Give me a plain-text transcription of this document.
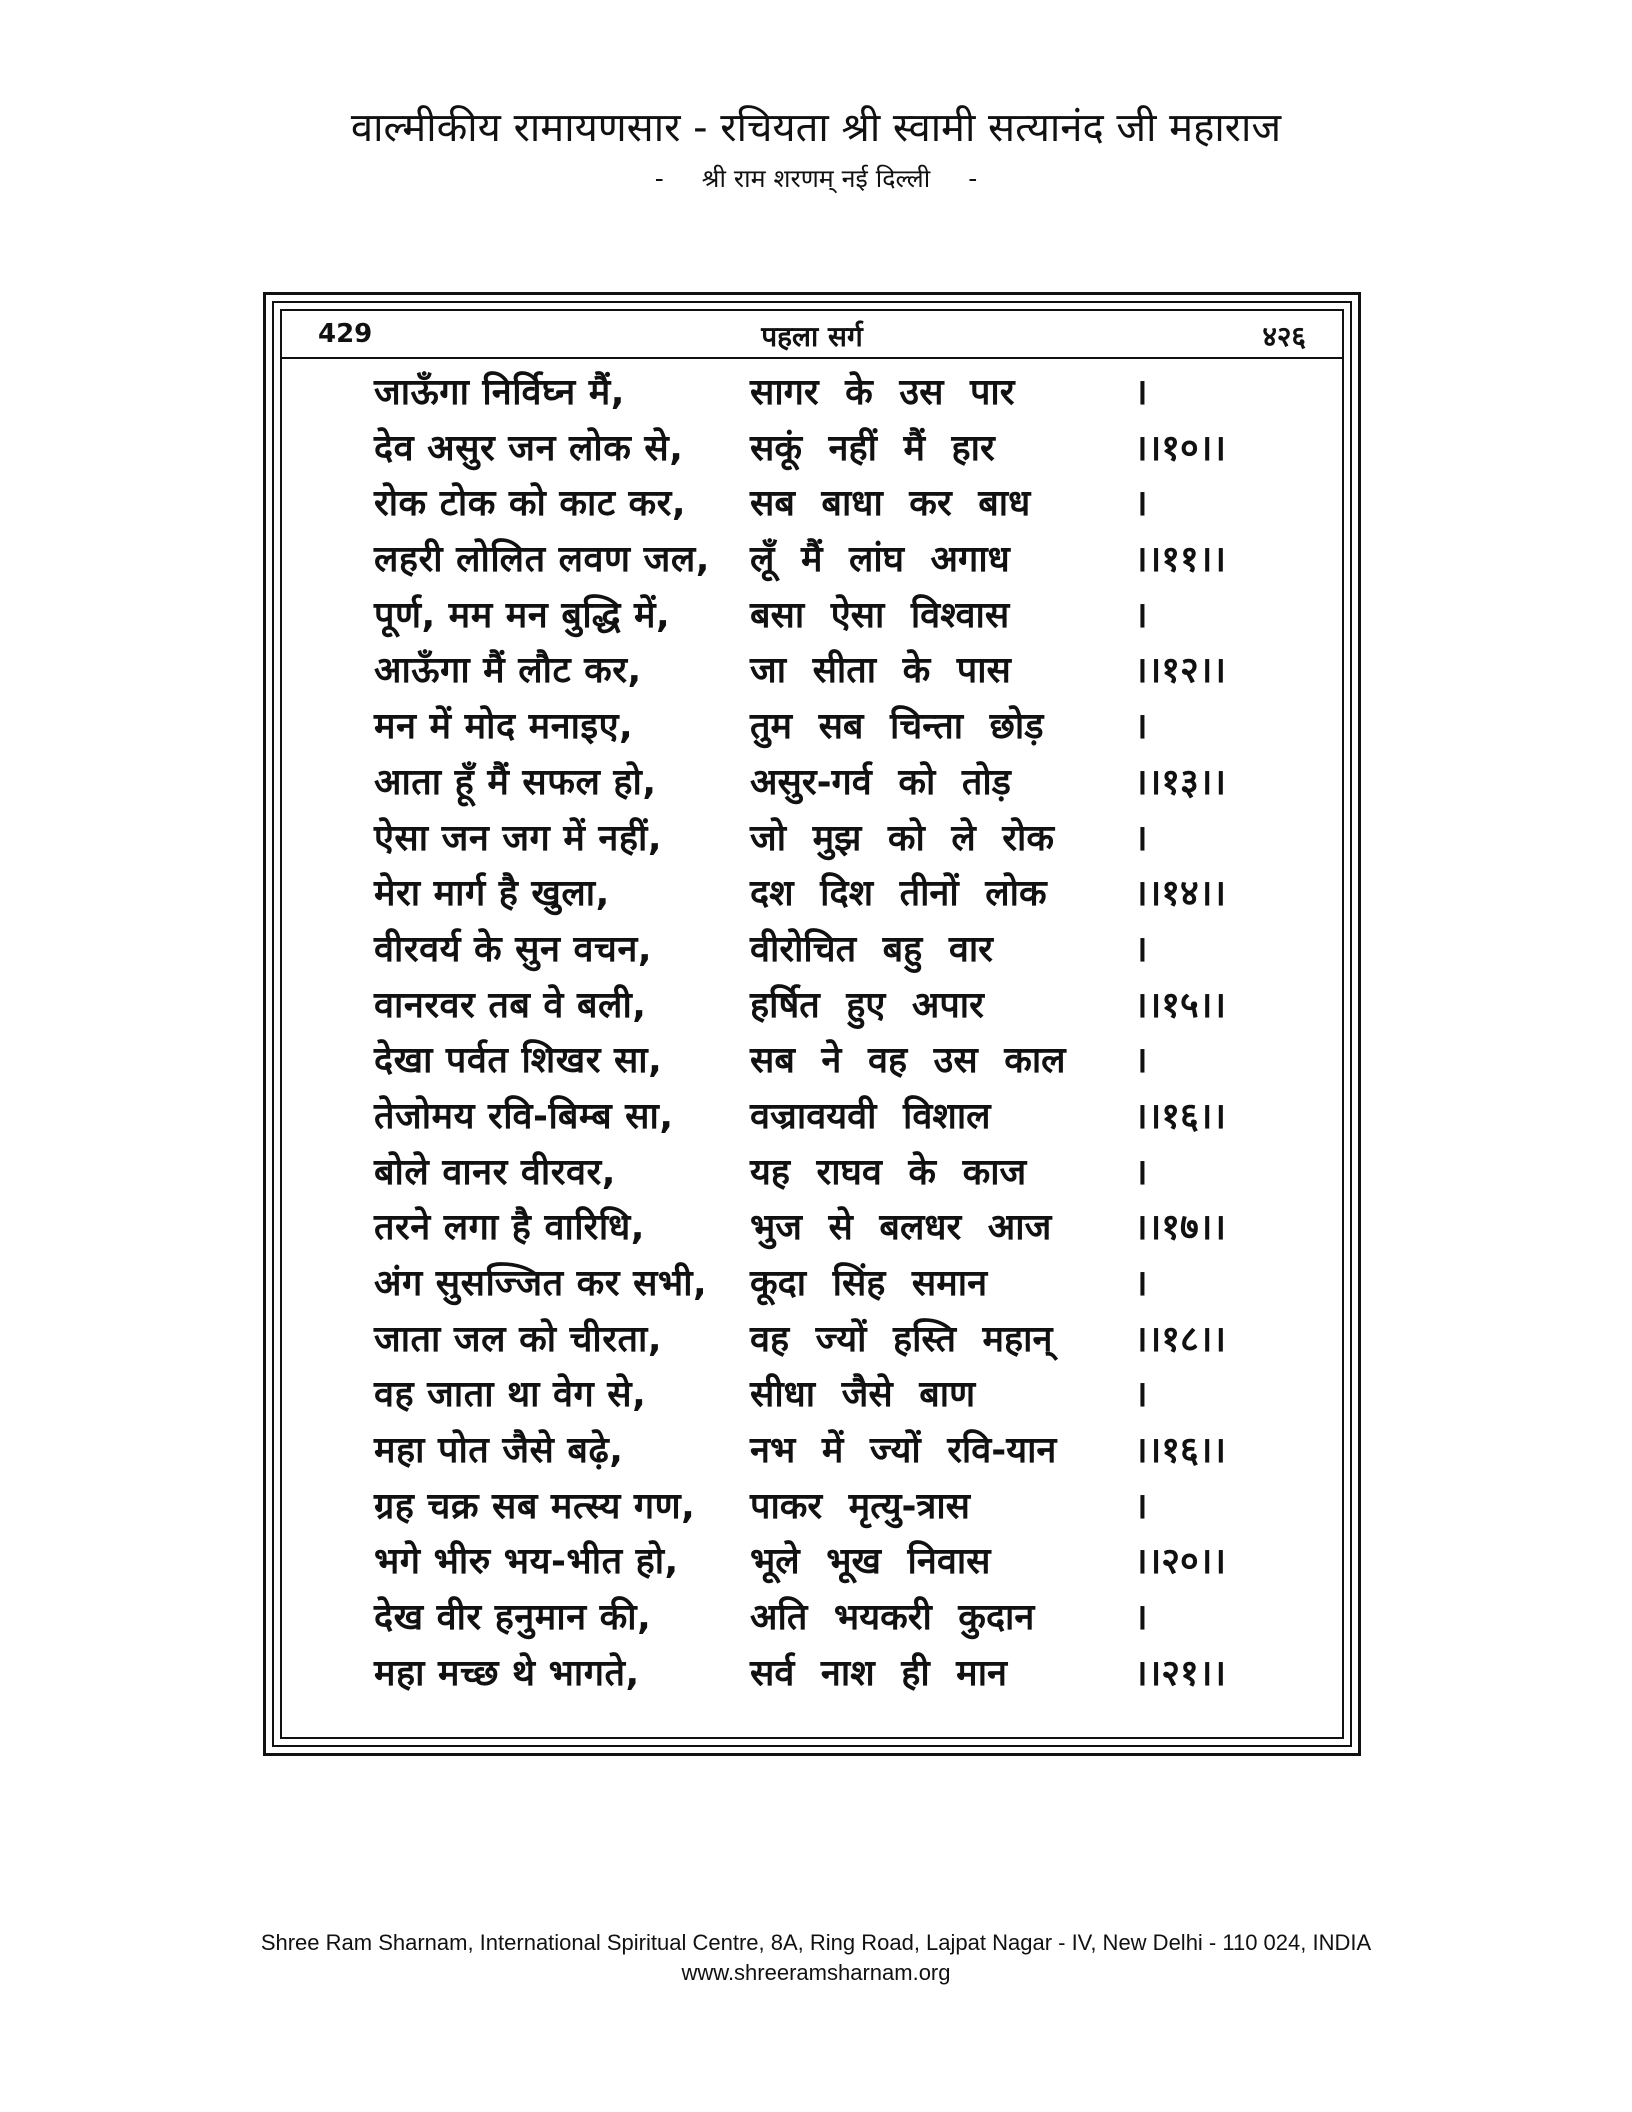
वाल्मीकीय रामायणसार - रचियता श्री स्वामी सत्यानंद जी महाराज
- श्री राम शरणम् नई दिल्ली -
429	पहला सर्ग	४२६
जाऊँगा निर्विघ्न मैं,	सागर के उस पार	।
देव असुर जन लोक से,	सकूं नहीं मैं हार	।।१०।।
रोक टोक को काट कर,	सब बाधा कर बाध	।
लहरी लोलित लवण जल,	लूँ मैं लांघ अगाध	।।११।।
पूर्ण, मम मन बुद्धि में,	बसा ऐसा विश्वास	।
आऊँगा मैं लौट कर,	जा सीता के पास	।।१२।।
मन में मोद मनाइए,	तुम सब चिन्ता छोड़	।
आता हूँ मैं सफल हो,	असुर-गर्व को तोड़	।।१३।।
ऐसा जन जग में नहीं,	जो मुझ को ले रोक	।
मेरा मार्ग है खुला,	दश दिश तीनों लोक	।।१४।।
वीरवर्य के सुन वचन,	वीरोचित बहु वार	।
वानरवर तब वे बली,	हर्षित हुए अपार	।।१५।।
देखा पर्वत शिखर सा,	सब ने वह उस काल	।
तेजोमय रवि-बिम्ब सा,	वज्रावयवी विशाल	।।१६।।
बोले वानर वीरवर,	यह राघव के काज	।
तरने लगा है वारिधि,	भुज से बलधर आज	।।१७।।
अंग सुसज्जित कर सभी,	कूदा सिंह समान	।
जाता जल को चीरता,	वह ज्यों हस्ति महान्	।।१८।।
वह जाता था वेग से,	सीधा जैसे बाण	।
महा पोत जैसे बढ़े,	नभ में ज्यों रवि-यान	।।१६।।
ग्रह चक्र सब मत्स्य गण,	पाकर मृत्यु-त्रास	।
भगे भीरु भय-भीत हो,	भूले भूख निवास	।।२०।।
देख वीर हनुमान की,	अति भयकरी कुदान	।
महा मच्छ थे भागते,	सर्व नाश ही मान	।।२१।।
Shree Ram Sharnam, International Spiritual Centre, 8A, Ring Road, Lajpat Nagar - IV, New Delhi - 110 024, INDIA
www.shreeramsharnam.org
